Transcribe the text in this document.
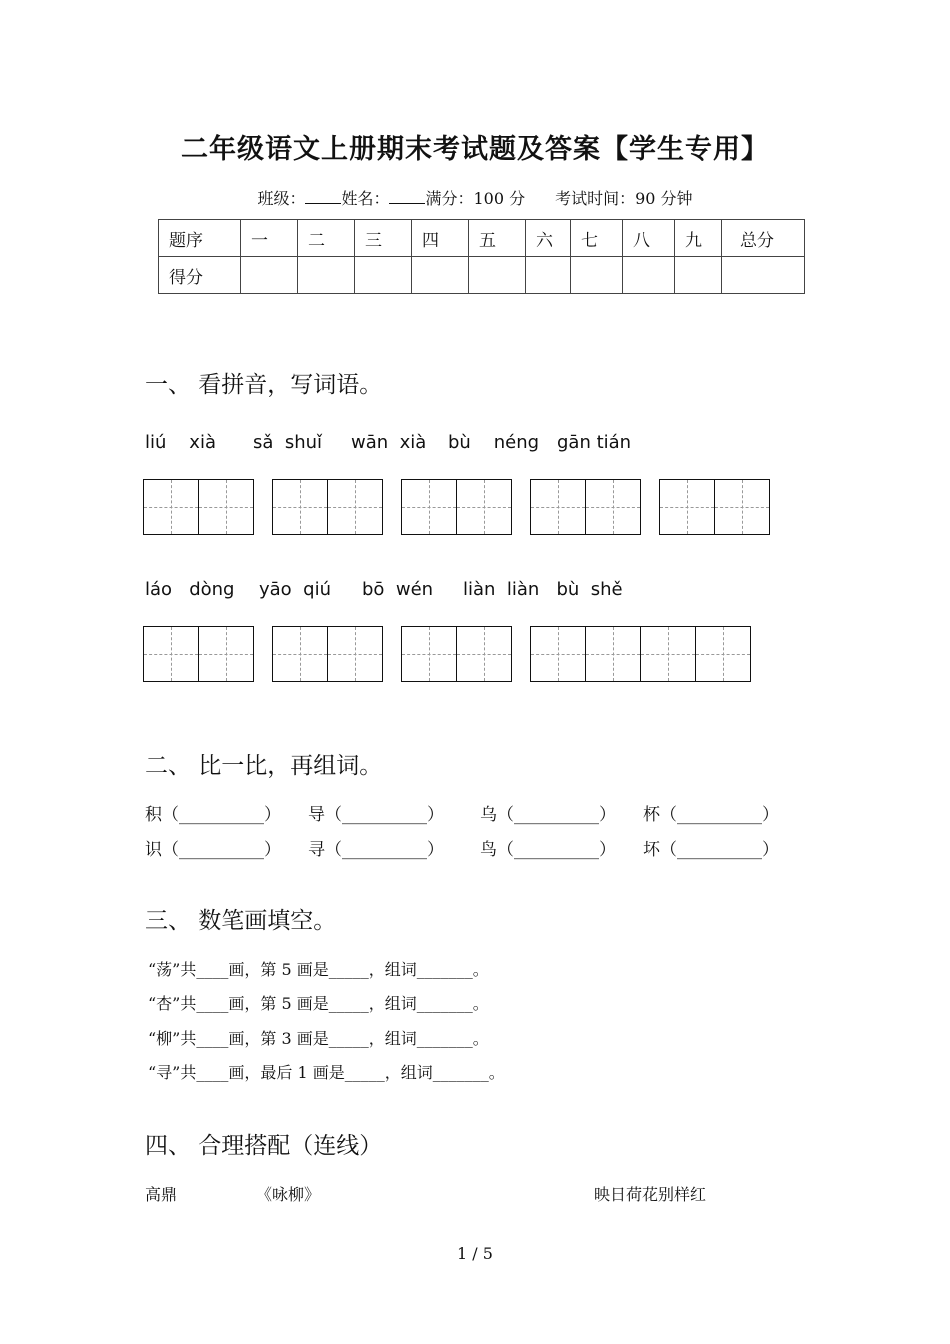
二年级语文上册期末考试题及答案【学生专用】
班级： 姓名： 满分：100 分 考试时间：90 分钟
题序	一	二	三	四	五	六	七	八	九	总分
得分										
一、 看拼音，写词语。
liú    xià sǎ  shuǐ wān  xià bù    néng gān tián
láo   dòng yāo  qiú bō  wén liàn  liàn   bù  shě
二、 比一比，再组词。
积（__________） 导（__________） 乌（__________） 杯（__________）
识（__________） 寻（__________） 鸟（__________） 坏（__________）
三、 数笔画填空。
“荡”共____画，第 5 画是_____，组词_______。
“杏”共____画，第 5 画是_____，组词_______。
“柳”共____画，第 3 画是_____，组词_______。
“寻”共____画，最后 1 画是_____，组词_______。
四、 合理搭配（连线）
高鼎	《咏柳》	映日荷花别样红
1 / 5
